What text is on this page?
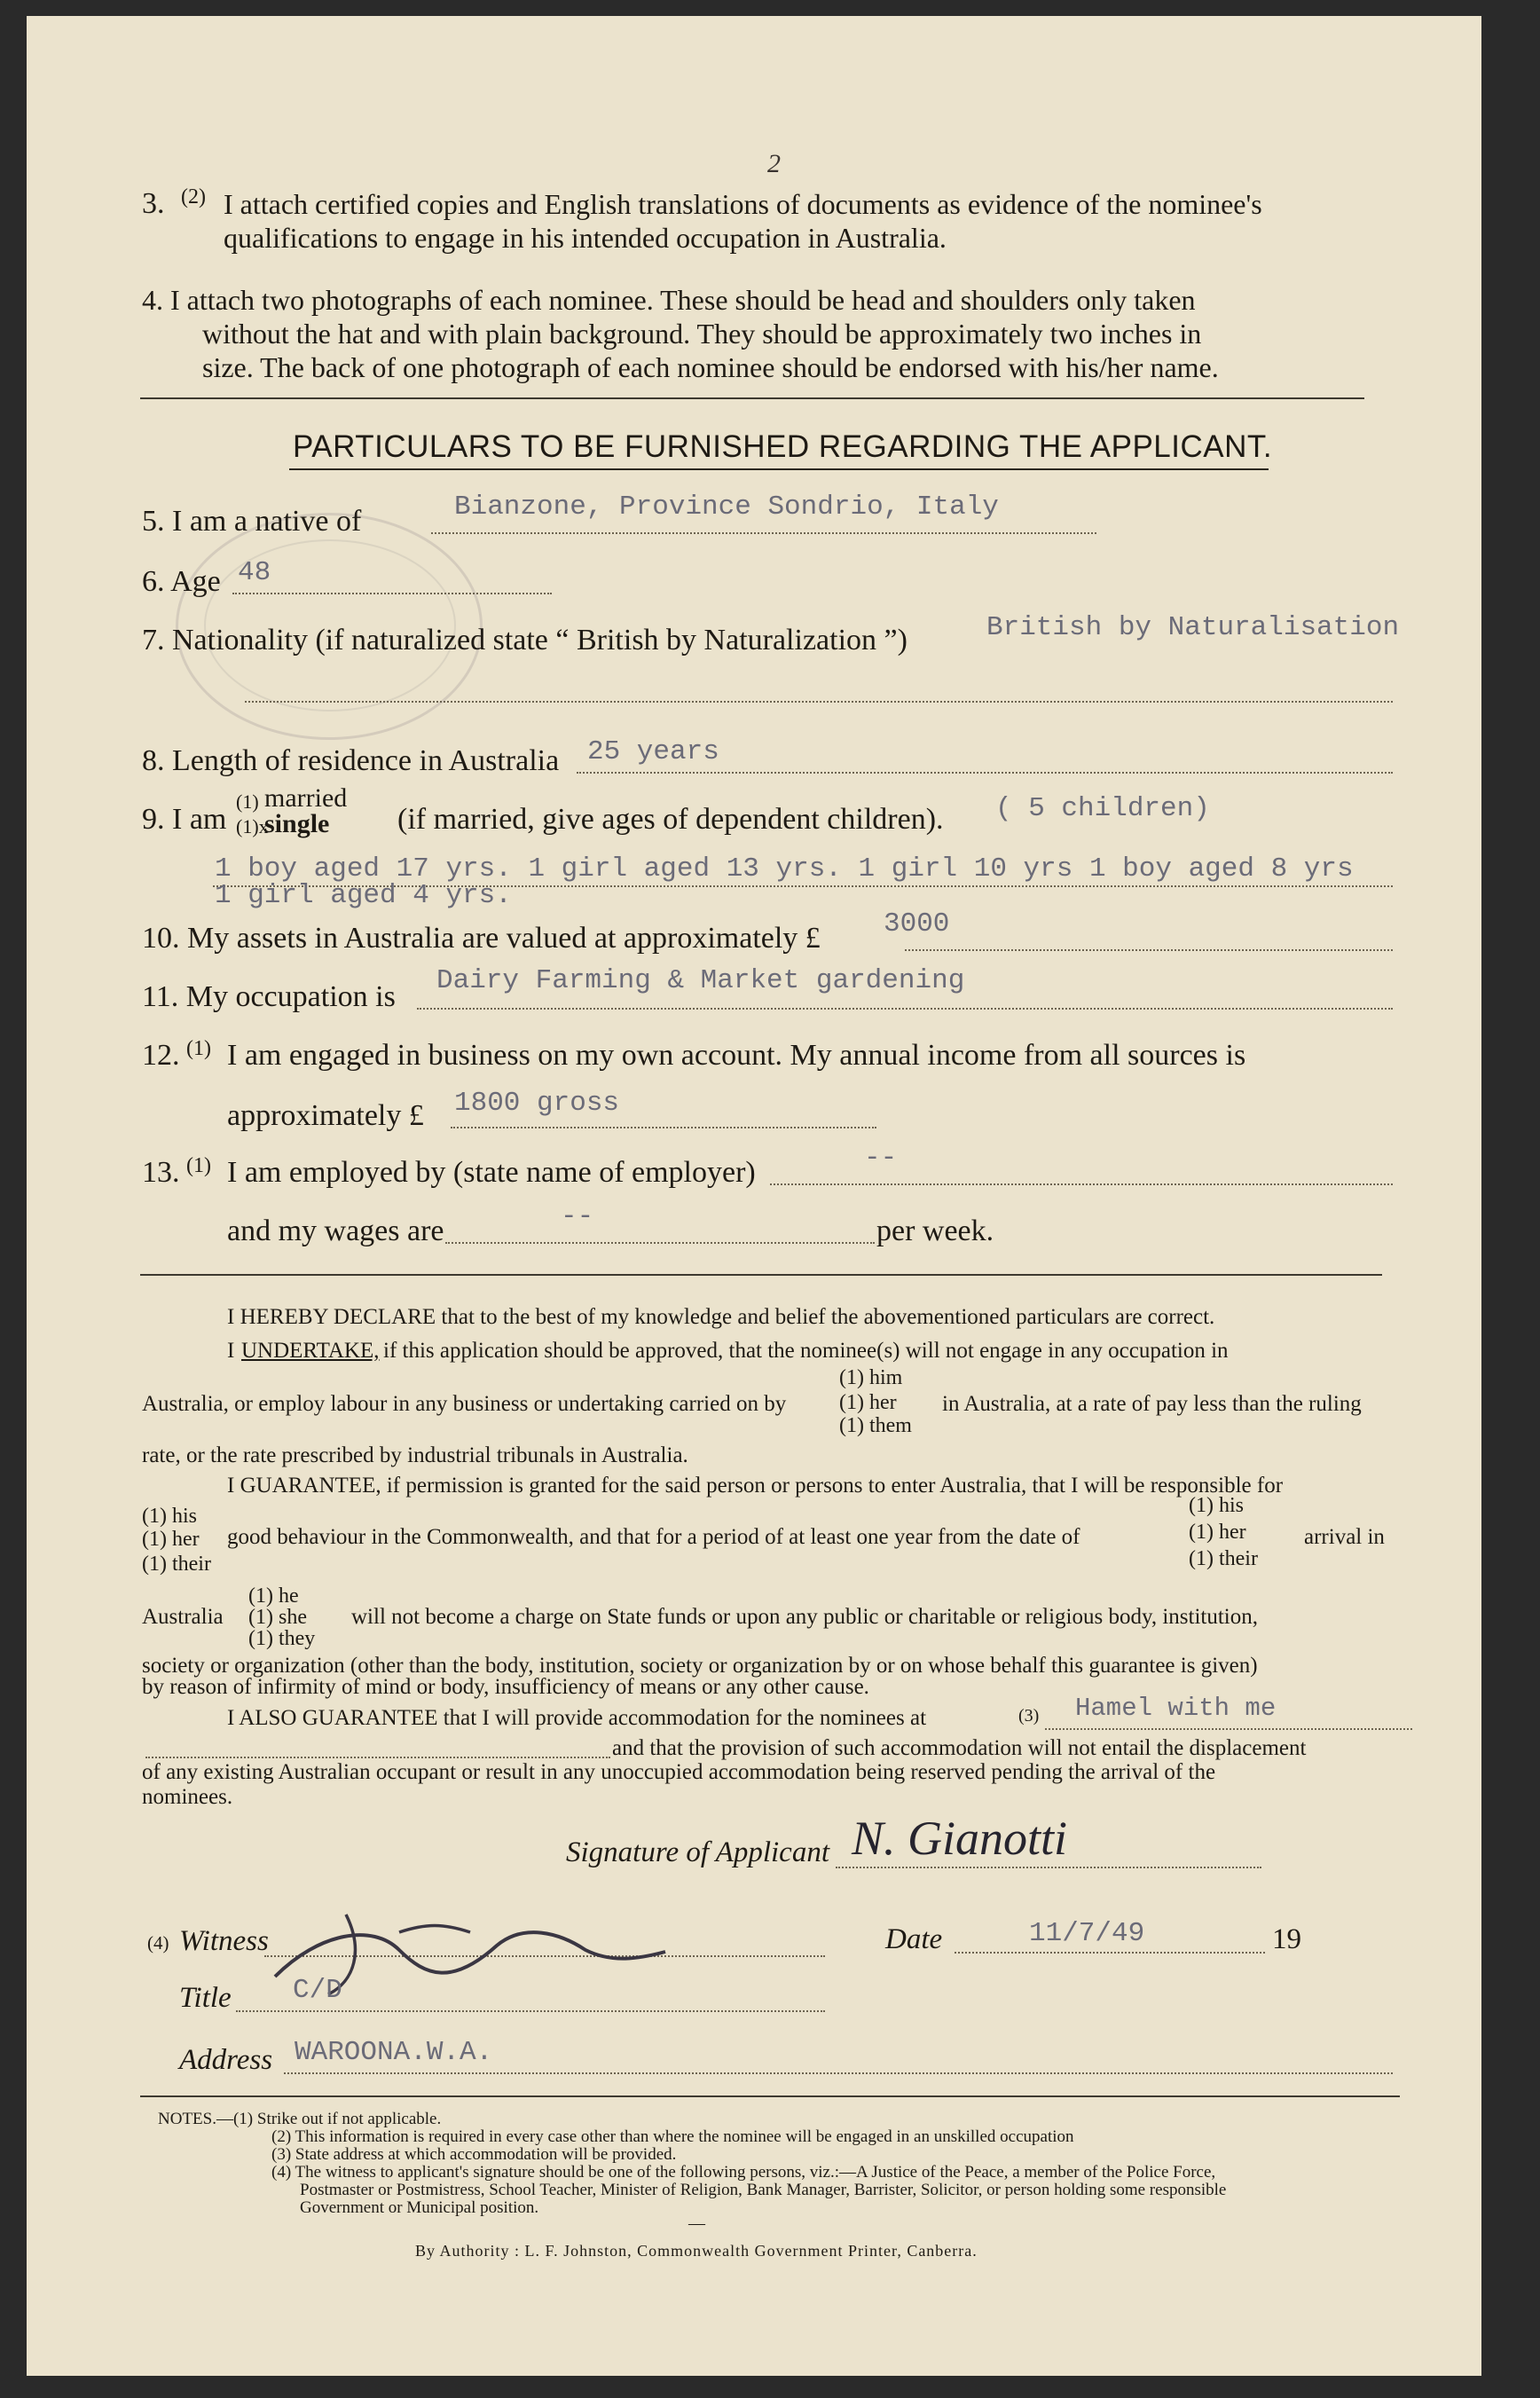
2
3. (2) I attach certified copies and English translations of documents as evidence of the nominee's
qualifications to engage in his intended occupation in Australia.
4. I attach two photographs of each nominee. These should be head and shoulders only taken
without the hat and with plain background. They should be approximately two inches in
size. The back of one photograph of each nominee should be endorsed with his/her name.
PARTICULARS TO BE FURNISHED REGARDING THE APPLICANT.
5. I am a native of	Bianzone, Province Sondrio, Italy
6. Age 48
7. Nationality (if naturalized state “ British by Naturalization ”)	British by Naturalisation
8. Length of residence in Australia 25 years
9. I am
(1) married
(1)x
single (if married, give ages of dependent children). ( 5 children)
1 boy aged 17 yrs. 1 girl aged 13 yrs. 1 girl 10 yrs 1 boy aged 8 yrs
1 girl aged 4 yrs.
10. My assets in Australia are valued at approximately £ 3000
11. My occupation is Dairy Farming & Market gardening
12. (1) I am engaged in business on my own account. My annual income from all sources is
approximately £ 1800 gross
13. (1) I am employed by (state name of employer)	--
and my wages are	--	per week.
I HEREBY DECLARE that to the best of my knowledge and belief the abovementioned particulars are correct.
I UNDERTAKE, if this application should be approved, that the nominee(s) will not engage in any occupation in
(1) him
Australia, or employ labour in any business or undertaking carried on by (1) her in Australia, at a rate of pay less than the ruling
(1) them
rate, or the rate prescribed by industrial tribunals in Australia.
I GUARANTEE, if permission is granted for the said person or persons to enter Australia, that I will be responsible for
(1) his
(1) his
(1) her good behaviour in the Commonwealth, and that for a period of at least one year from the date of	(1) her	arrival in
(1) their	(1) their
(1) he
Australia (1) she will not become a charge on State funds or upon any public or charitable or religious body, institution,
(1) they
society or organization (other than the body, institution, society or organization by or on whose behalf this guarantee is given)
by reason of infirmity of mind or body, insufficiency of means or any other cause.
I ALSO GUARANTEE that I will provide accommodation for the nominees at	(3) Hamel with me
and that the provision of such accommodation will not entail the displacement
of any existing Australian occupant or result in any unoccupied accommodation being reserved pending the arrival of the
nominees.
Signature of Applicant N. Gianotti
(4) Witness	Date	11/7/49	19
Title C/D
Address WAROONA.W.A.
NOTES.—(1) Strike out if not applicable.
(2) This information is required in every case other than where the nominee will be engaged in an unskilled occupation
(3) State address at which accommodation will be provided.
(4) The witness to applicant's signature should be one of the following persons, viz.:—A Justice of the Peace, a member of the Police Force,
Postmaster or Postmistress, School Teacher, Minister of Religion, Bank Manager, Barrister, Solicitor, or person holding some responsible
Government or Municipal position.
—
By Authority : L. F. Johnston, Commonwealth Government Printer, Canberra.
